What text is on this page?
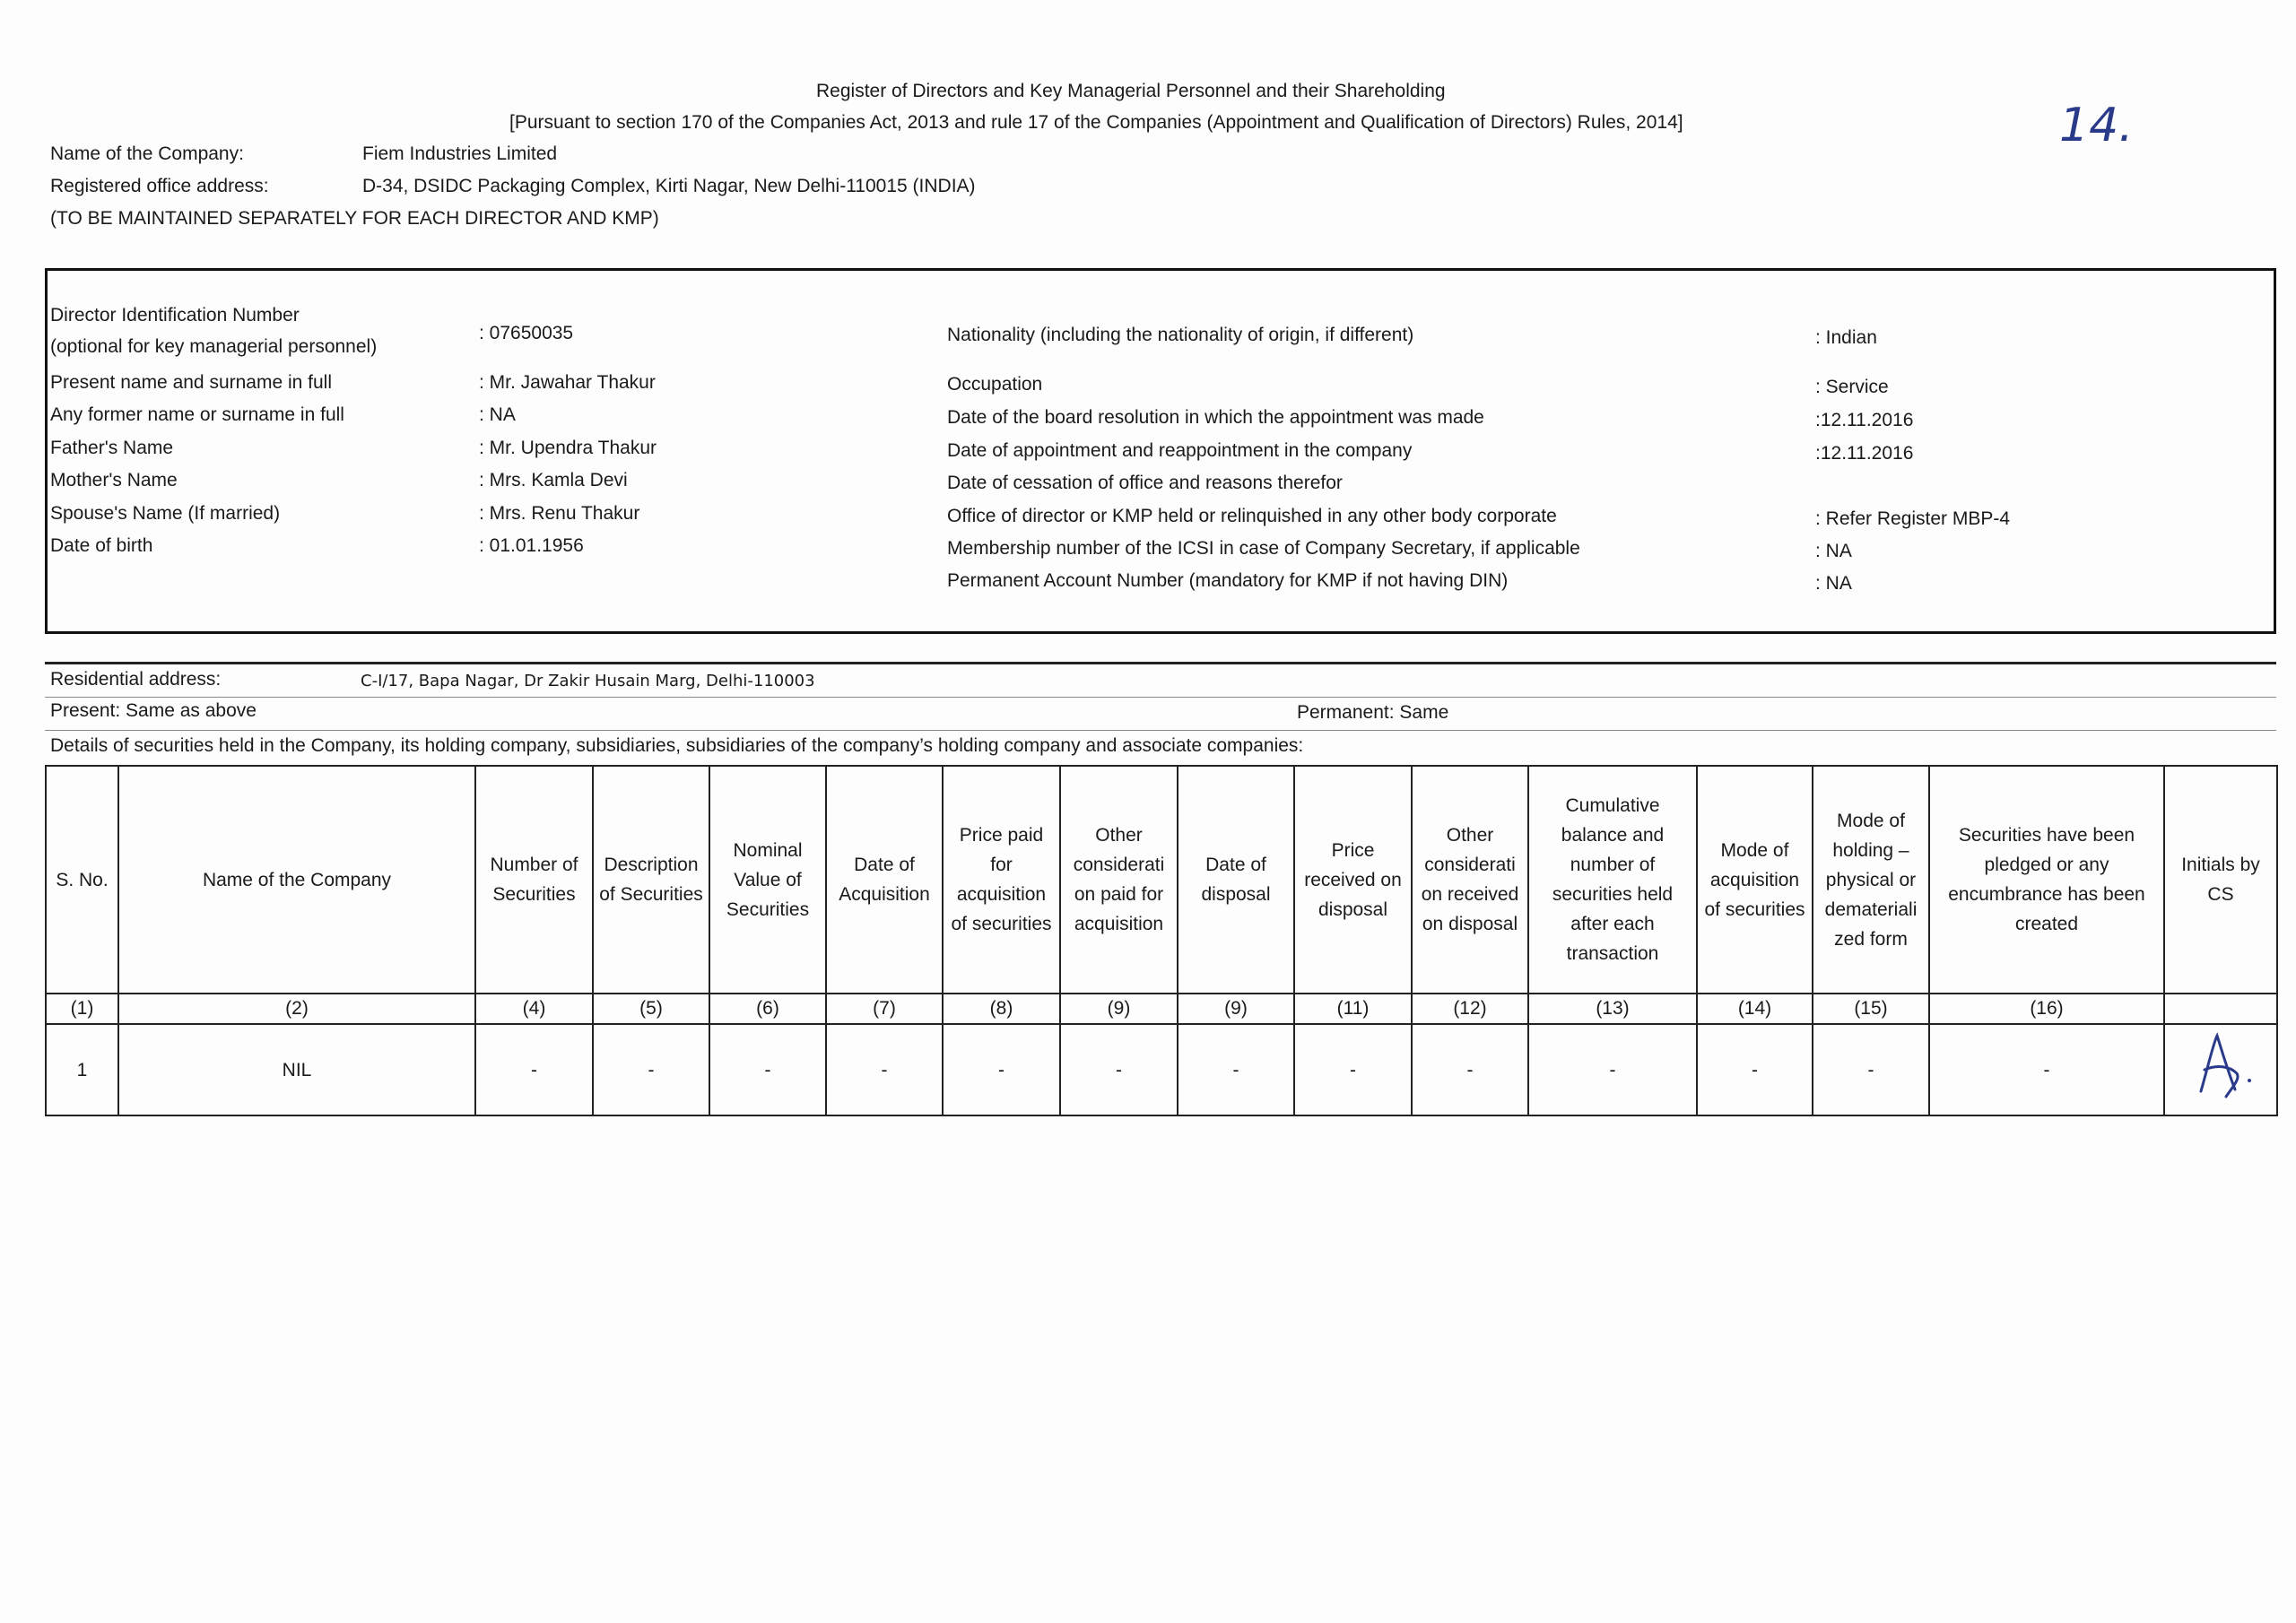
14.
Register of Directors and Key Managerial Personnel and their Shareholding
[Pursuant to section 170 of the Companies Act, 2013 and rule 17 of the Companies (Appointment and Qualification of Directors) Rules, 2014]
Name of the Company:	Fiem Industries Limited
Registered office address:	D-34, DSIDC Packaging Complex, Kirti Nagar, New Delhi-110015 (INDIA)
(TO BE MAINTAINED SEPARATELY FOR EACH DIRECTOR AND KMP)
Director Identification Number
(optional for key managerial personnel)
: 07650035
Present name and surname in full	: Mr. Jawahar Thakur
Any former name or surname in full	: NA
Father's Name	: Mr. Upendra Thakur
Mother's Name	: Mrs. Kamla Devi
Spouse's Name (If married)	: Mrs. Renu Thakur
Date of birth	: 01.01.1956
Nationality (including the nationality of origin, if different)	: Indian
Occupation	: Service
Date of the board resolution in which the appointment was made	:12.11.2016
Date of appointment and reappointment in the company	:12.11.2016
Date of cessation of office and reasons therefor
Office of director or KMP held or relinquished in any other body corporate	: Refer Register MBP-4
Membership number of the ICSI in case of Company Secretary, if applicable	: NA
Permanent Account Number (mandatory for KMP if not having DIN)	: NA
Residential address:	C-I/17, Bapa Nagar, Dr Zakir Husain Marg, Delhi-110003
Present: Same as above	Permanent: Same
Details of securities held in the Company, its holding company, subsidiaries, subsidiaries of the company’s holding company and associate companies:
S. No.	Name of the Company	Number of Securities	Description of Securities	Nominal Value of Securities	Date of Acquisition	Price paid for acquisition of securities	Other considerati on paid for acquisition	Date of disposal	Price received on disposal	Other considerati on received on disposal	Cumulative balance and number of securities held after each transaction	Mode of acquisition of securities	Mode of holding – physical or demateriali zed form	Securities have been pledged or any encumbrance has been created	Initials by CS
(1)	(2)	(4)	(5)	(6)	(7)	(8)	(9)	(9)	(11)	(12)	(13)	(14)	(15)	(16)	
1	NIL	-	-	-	-	-	-	-	-	-	-	-	-	-	
